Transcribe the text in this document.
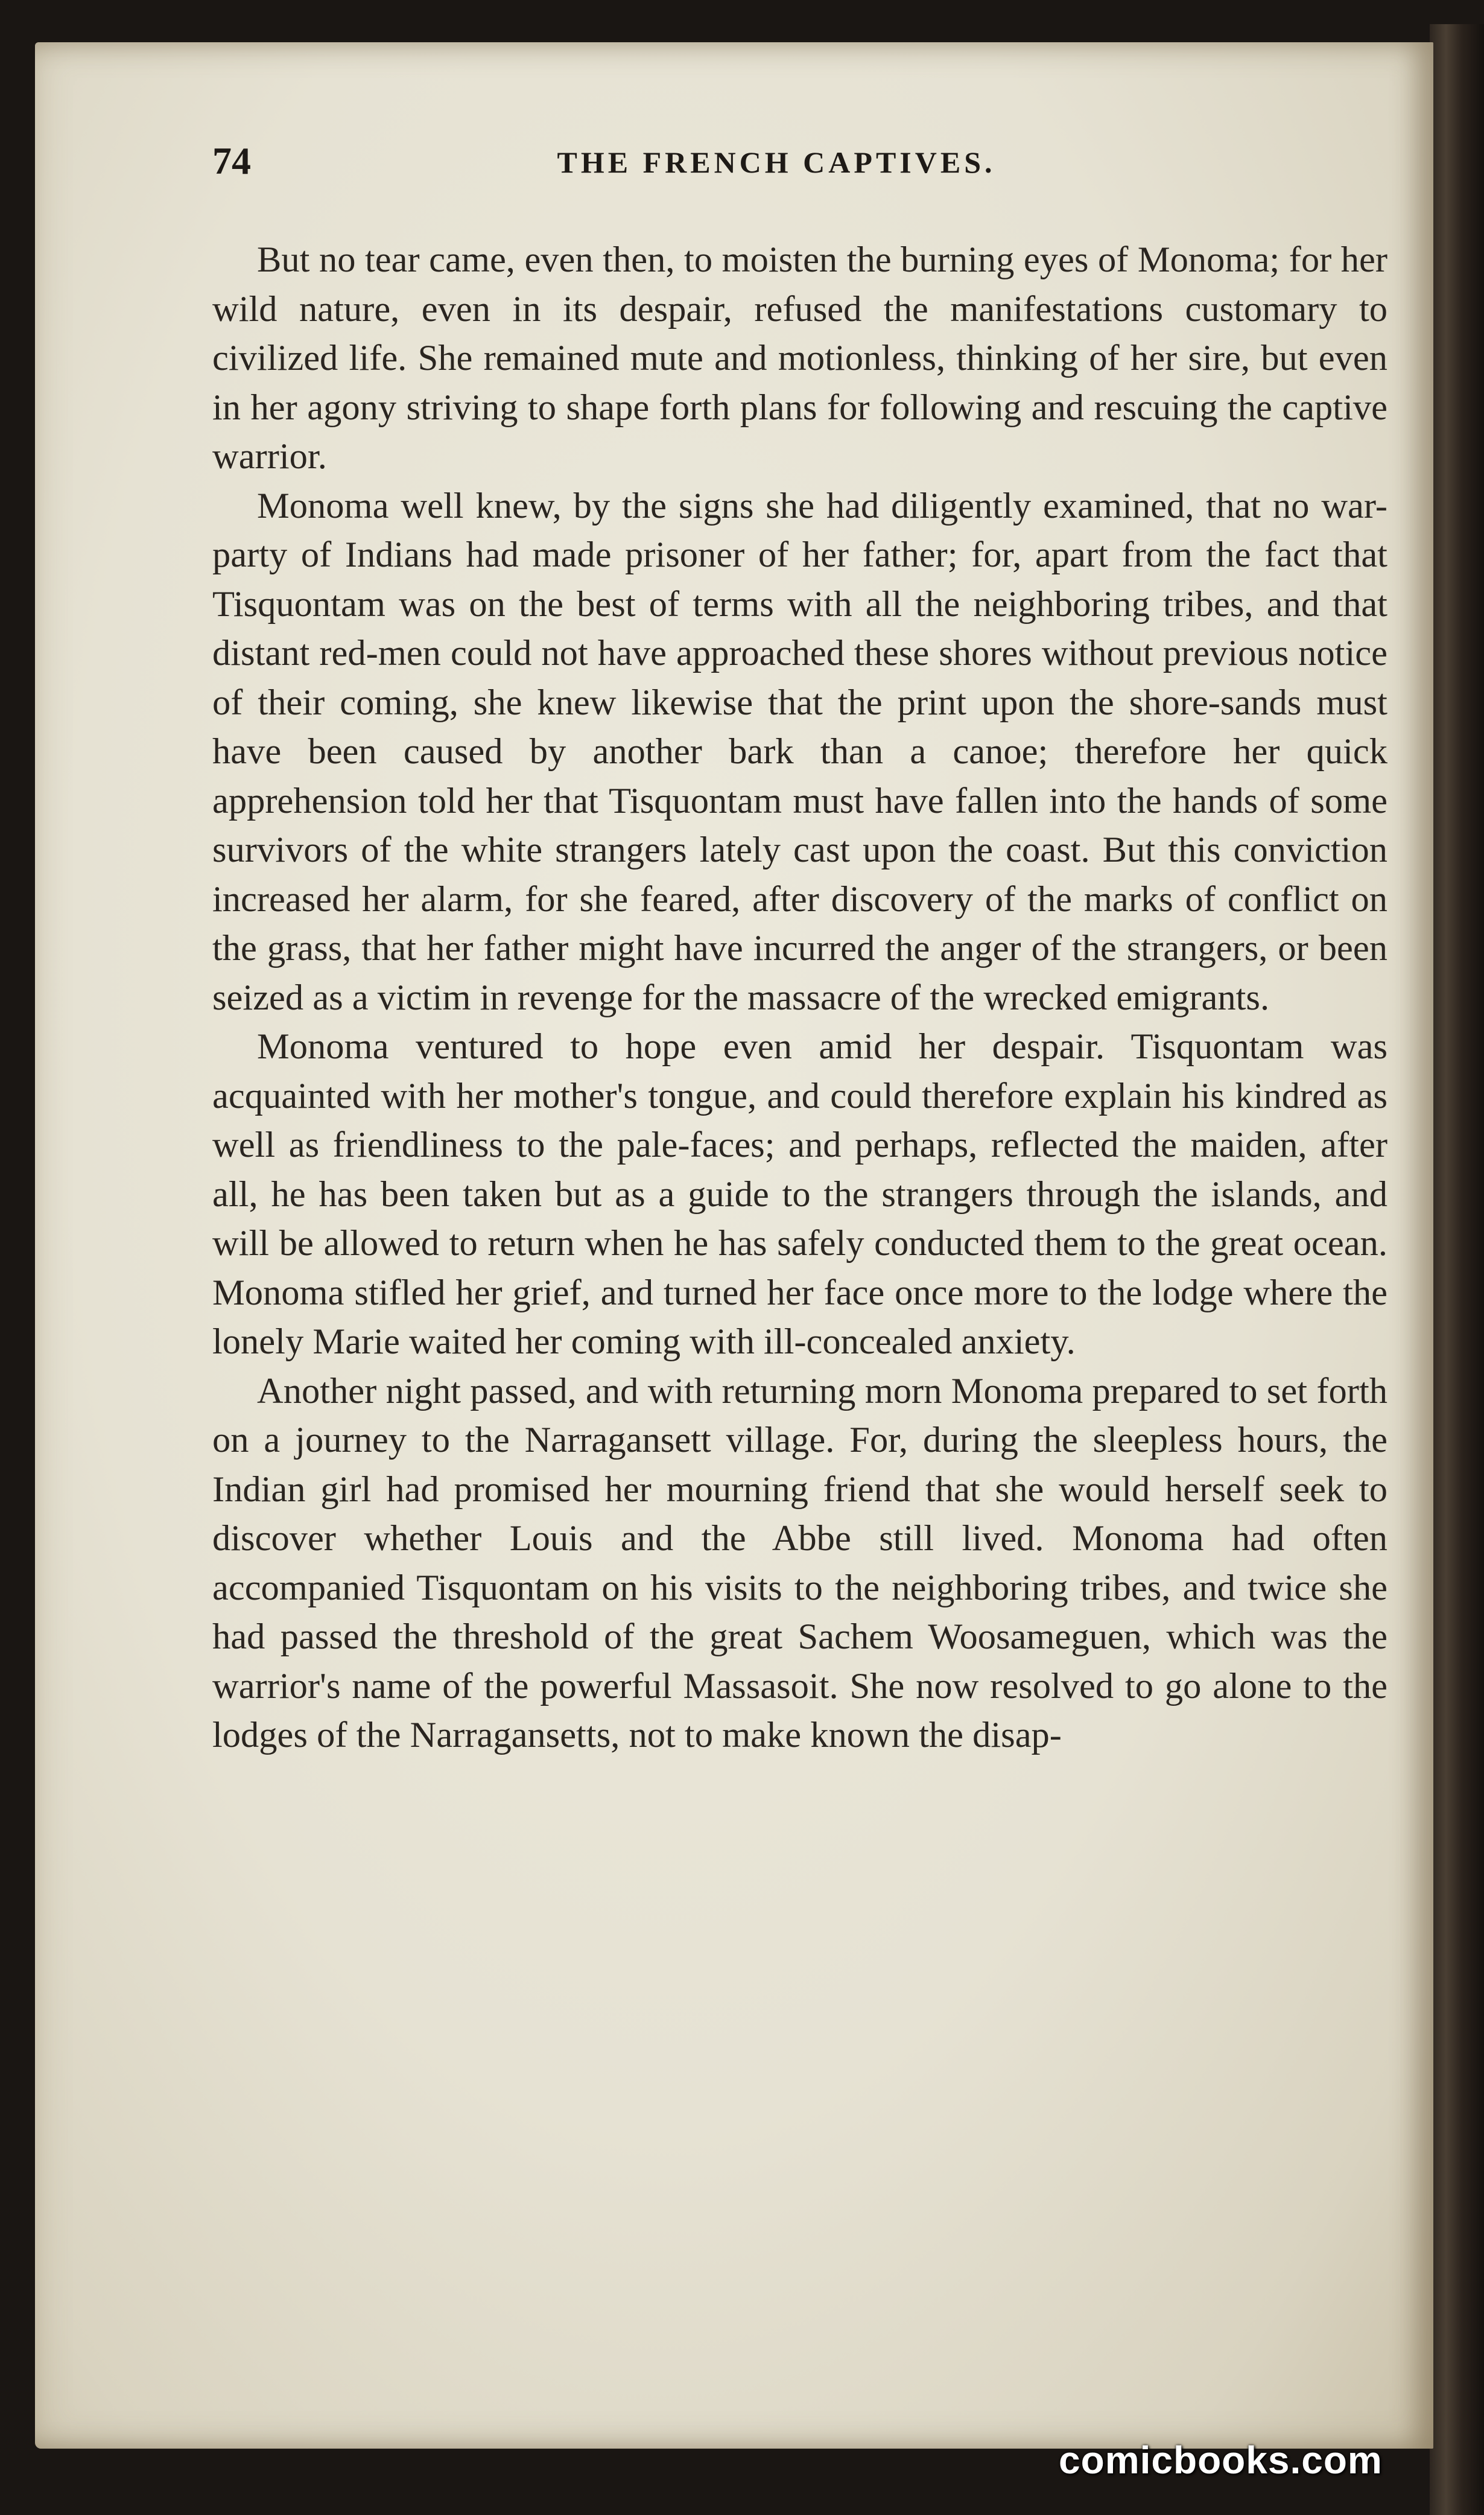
74	THE FRENCH CAPTIVES.

But no tear came, even then, to moisten the burning eyes of Monoma; for her wild nature, even in its despair, refused the manifestations customary to civilized life. She remained mute and motionless, thinking of her sire, but even in her agony striving to shape forth plans for following and rescuing the captive warrior.

Monoma well knew, by the signs she had diligently examined, that no war-party of Indians had made prisoner of her father; for, apart from the fact that Tisquontam was on the best of terms with all the neighboring tribes, and that distant red-men could not have approached these shores without previous notice of their coming, she knew likewise that the print upon the shore-sands must have been caused by another bark than a canoe; therefore her quick apprehension told her that Tisquontam must have fallen into the hands of some survivors of the white strangers lately cast upon the coast. But this conviction increased her alarm, for she feared, after discovery of the marks of conflict on the grass, that her father might have incurred the anger of the strangers, or been seized as a victim in revenge for the massacre of the wrecked emigrants.

Monoma ventured to hope even amid her despair. Tisquontam was acquainted with her mother's tongue, and could therefore explain his kindred as well as friendliness to the pale-faces; and perhaps, reflected the maiden, after all, he has been taken but as a guide to the strangers through the islands, and will be allowed to return when he has safely conducted them to the great ocean. Monoma stifled her grief, and turned her face once more to the lodge where the lonely Marie waited her coming with ill-concealed anxiety.

Another night passed, and with returning morn Monoma prepared to set forth on a journey to the Narragansett village. For, during the sleepless hours, the Indian girl had promised her mourning friend that she would herself seek to discover whether Louis and the Abbe still lived. Monoma had often accompanied Tisquontam on his visits to the neighboring tribes, and twice she had passed the threshold of the great Sachem Woosameguen, which was the warrior's name of the powerful Massasoit. She now resolved to go alone to the lodges of the Narragansetts, not to make known the disap-

comicbooks.com
